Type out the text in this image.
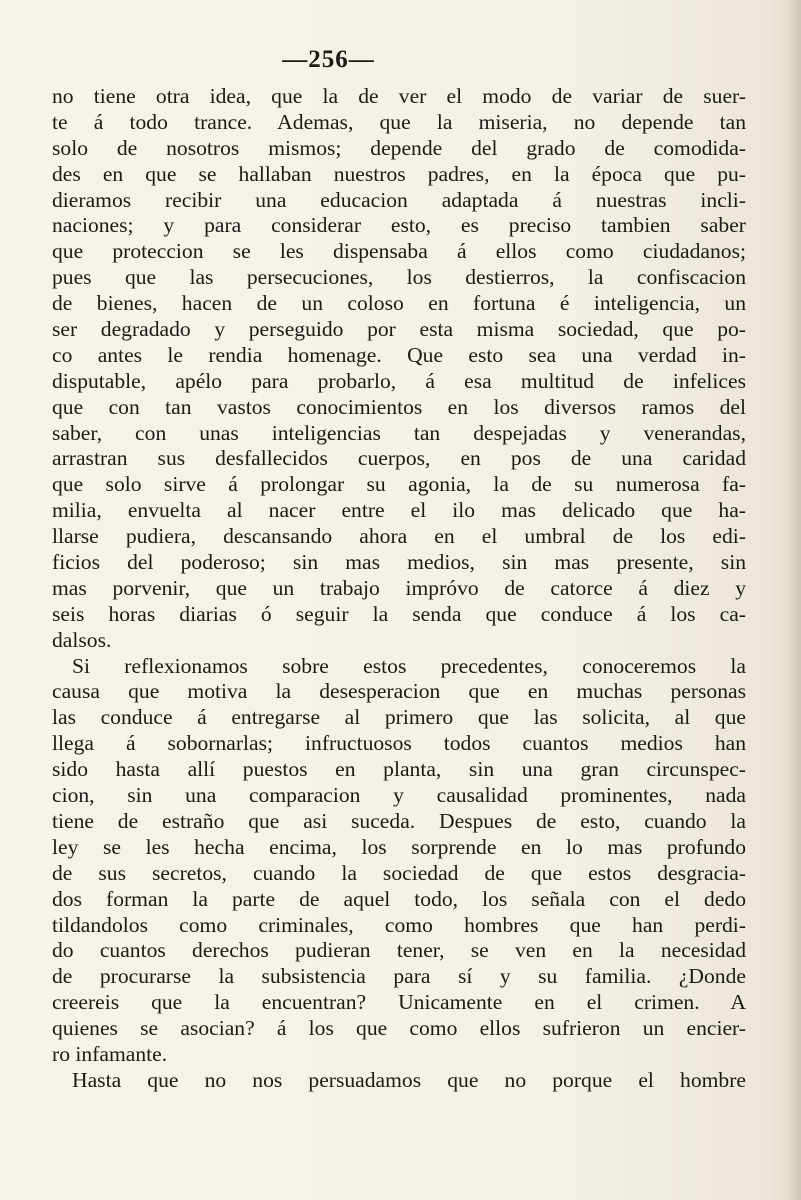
—256—
no tiene otra idea, que la de ver el modo de variar de suer-
te á todo trance. Ademas, que la miseria, no depende tan
solo de nosotros mismos; depende del grado de comodida-
des en que se hallaban nuestros padres, en la época que pu-
dieramos recibir una educacion adaptada á nuestras incli-
naciones; y para considerar esto, es preciso tambien saber
que proteccion se les dispensaba á ellos como ciudadanos;
pues que las persecuciones, los destierros, la confiscacion
de bienes, hacen de un coloso en fortuna é inteligencia, un
ser degradado y perseguido por esta misma sociedad, que po-
co antes le rendia homenage. Que esto sea una verdad in-
disputable, apélo para probarlo, á esa multitud de infelices
que con tan vastos conocimientos en los diversos ramos del
saber, con unas inteligencias tan despejadas y venerandas,
arrastran sus desfallecidos cuerpos, en pos de una caridad
que solo sirve á prolongar su agonia, la de su numerosa fa-
milia, envuelta al nacer entre el ilo mas delicado que ha-
llarse pudiera, descansando ahora en el umbral de los edi-
ficios del poderoso; sin mas medios, sin mas presente, sin
mas porvenir, que un trabajo impróvo de catorce á diez y
seis horas diarias ó seguir la senda que conduce á los ca-
dalsos.
Si reflexionamos sobre estos precedentes, conoceremos la
causa que motiva la desesperacion que en muchas personas
las conduce á entregarse al primero que las solicita, al que
llega á sobornarlas; infructuosos todos cuantos medios han
sido hasta allí puestos en planta, sin una gran circunspec-
cion, sin una comparacion y causalidad prominentes, nada
tiene de estraño que asi suceda. Despues de esto, cuando la
ley se les hecha encima, los sorprende en lo mas profundo
de sus secretos, cuando la sociedad de que estos desgracia-
dos forman la parte de aquel todo, los señala con el dedo
tildandolos como criminales, como hombres que han perdi-
do cuantos derechos pudieran tener, se ven en la necesidad
de procurarse la subsistencia para sí y su familia. ¿Donde
creereis que la encuentran? Unicamente en el crimen. A
quienes se asocian? á los que como ellos sufrieron un encier-
ro infamante.
Hasta que no nos persuadamos que no porque el hombre
